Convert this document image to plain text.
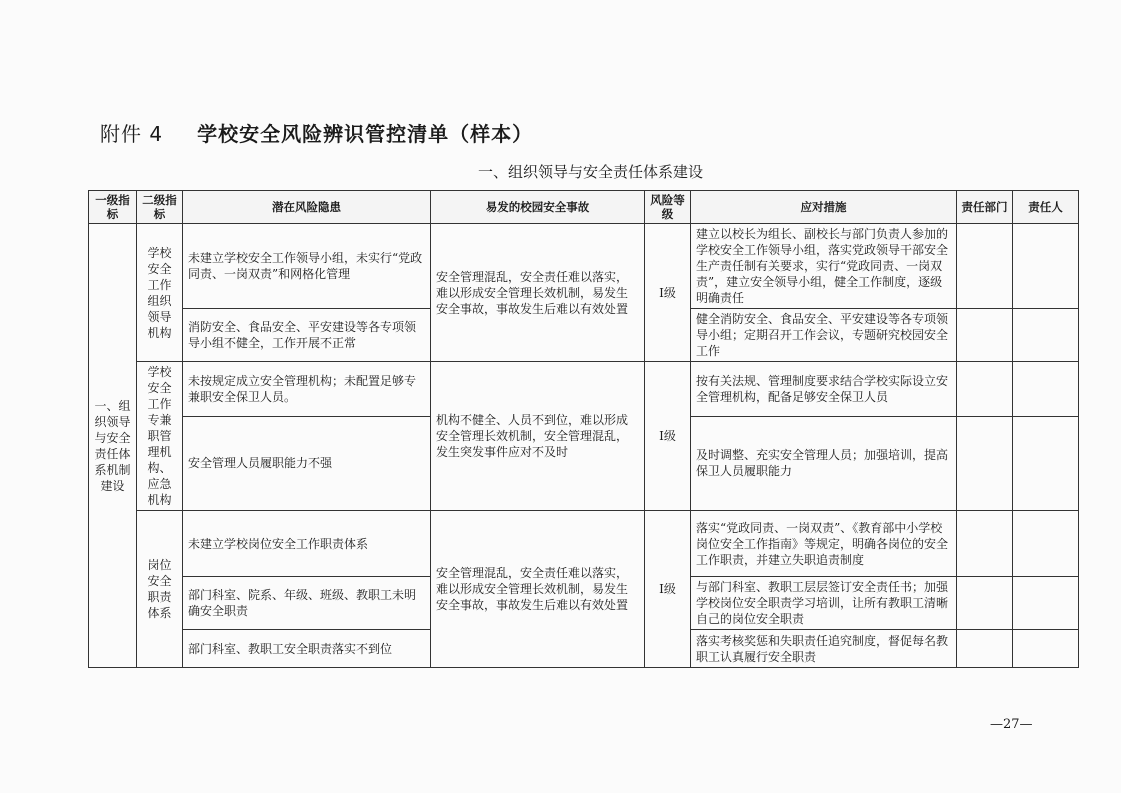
附件 4 学校安全风险辨识管控清单（样本）
一、组织领导与安全责任体系建设
一级指标	二级指标	潜在风险隐患	易发的校园安全事故	风险等级	应对措施	责任部门	责任人
一、组织领导与安全责任体系机制建设	学校安全工作组织领导机构	未建立学校安全工作领导小组，未实行“党政同责、一岗双责”和网格化管理	安全管理混乱，安全责任难以落实，难以形成安全管理长效机制，易发生安全事故，事故发生后难以有效处置	Ⅰ级	建立以校长为组长、副校长与部门负责人参加的学校安全工作领导小组，落实党政领导干部安全生产责任制有关要求，实行“党政同责、一岗双责”，建立安全领导小组，健全工作制度，逐级明确责任		
		消防安全、食品安全、平安建设等各专项领导小组不健全，工作开展不正常			健全消防安全、食品安全、平安建设等各专项领导小组；定期召开工作会议，专题研究校园安全工作		
	学校安全工作专兼职管理机构、应急机构	未按规定成立安全管理机构；未配置足够专兼职安全保卫人员。	机构不健全、人员不到位，难以形成安全管理长效机制，安全管理混乱，发生突发事件应对不及时	Ⅰ级	按有关法规、管理制度要求结合学校实际设立安全管理机构，配备足够安全保卫人员		
		安全管理人员履职能力不强			及时调整、充实安全管理人员；加强培训，提高保卫人员履职能力		
	岗位安全职责体系	未建立学校岗位安全工作职责体系	安全管理混乱，安全责任难以落实，难以形成安全管理长效机制，易发生安全事故，事故发生后难以有效处置	Ⅰ级	落实“党政同责、一岗双责”、《教育部中小学校岗位安全工作指南》等规定，明确各岗位的安全工作职责，并建立失职追责制度		
		部门科室、院系、年级、班级、教职工未明确安全职责			与部门科室、教职工层层签订安全责任书；加强学校岗位安全职责学习培训，让所有教职工清晰自己的岗位安全职责		
		部门科室、教职工安全职责落实不到位			落实考核奖惩和失职责任追究制度，督促每名教职工认真履行安全职责		
—27—
